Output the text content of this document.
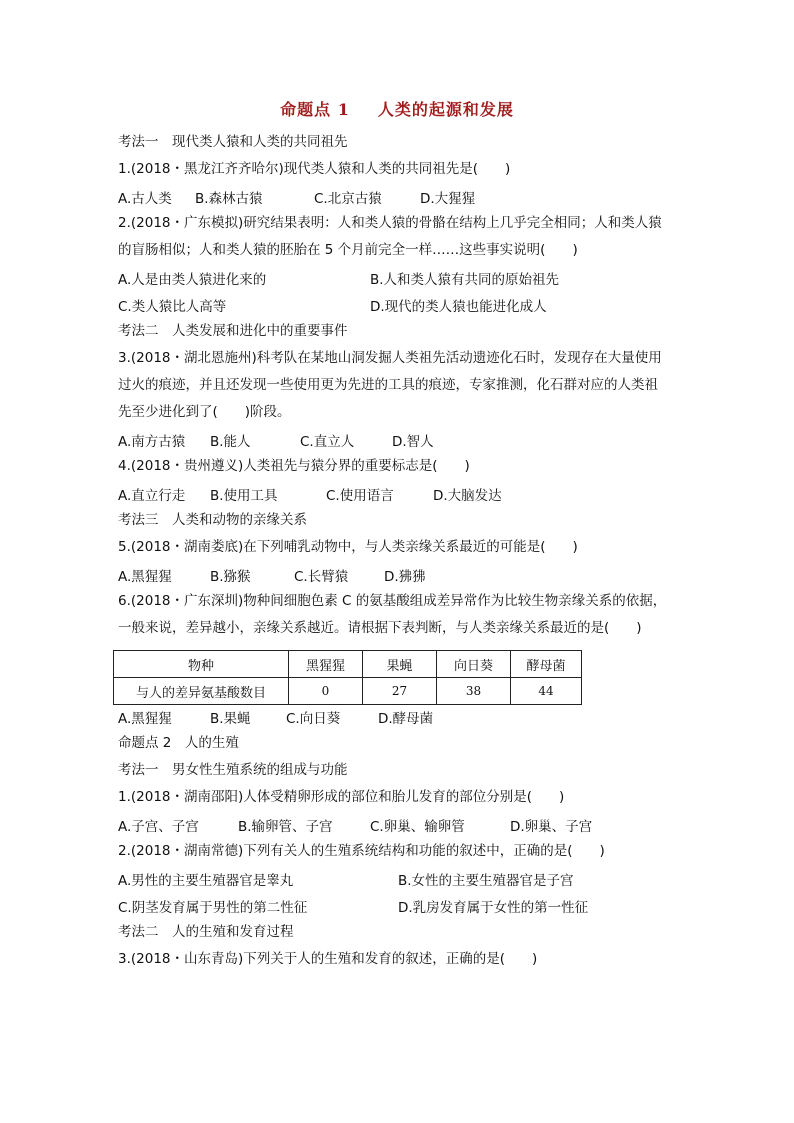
命题点 1 人类的起源和发展
考法一　现代类人猿和人类的共同祖先
1.(2018・黑龙江齐齐哈尔)现代类人猿和人类的共同祖先是(　　)
A.古人类 B.森林古猿	C.北京古猿	D.大猩猩
2.(2018・广东模拟)研究结果表明：人和类人猿的骨骼在结构上几乎完全相同；人和类人猿
的盲肠相似；人和类人猿的胚胎在 5 个月前完全一样……这些事实说明(　　)
A.人是由类人猿进化来的	B.人和类人猿有共同的原始祖先
C.类人猿比人高等	D.现代的类人猿也能进化成人
考法二　人类发展和进化中的重要事件
3.(2018・湖北恩施州)科考队在某地山洞发掘人类祖先活动遗迹化石时，发现存在大量使用
过火的痕迹，并且还发现一些使用更为先进的工具的痕迹，专家推测，化石群对应的人类祖
先至少进化到了(　　)阶段。
A.南方古猿 B.能人	C.直立人	D.智人
4.(2018・贵州遵义)人类祖先与猿分界的重要标志是(　　)
A.直立行走 B.使用工具	C.使用语言	D.大脑发达
考法三　人类和动物的亲缘关系
5.(2018・湖南娄底)在下列哺乳动物中，与人类亲缘关系最近的可能是(　　)
A.黑猩猩	B.猕猴	C.长臂猿	D.狒狒
6.(2018・广东深圳)物种间细胞色素 C 的氨基酸组成差异常作为比较生物亲缘关系的依据，
一般来说，差异越小，亲缘关系越近。请根据下表判断，与人类亲缘关系最近的是(　　)
物种	黑猩猩	果蝇	向日葵	酵母菌
与人的差异氨基酸数目	0	27	38	44
A.黑猩猩	B.果蝇	C.向日葵	D.酵母菌
命题点 2　人的生殖
考法一　男女性生殖系统的组成与功能
1.(2018・湖南邵阳)人体受精卵形成的部位和胎儿发育的部位分别是(　　)
A.子宫、子宫	B.输卵管、子宫	C.卵巢、输卵管	D.卵巢、子宫
2.(2018・湖南常德)下列有关人的生殖系统结构和功能的叙述中，正确的是(　　)
A.男性的主要生殖器官是睾丸	B.女性的主要生殖器官是子宫
C.阴茎发育属于男性的第二性征	D.乳房发育属于女性的第一性征
考法二　人的生殖和发育过程
3.(2018・山东青岛)下列关于人的生殖和发育的叙述，正确的是(　　)
